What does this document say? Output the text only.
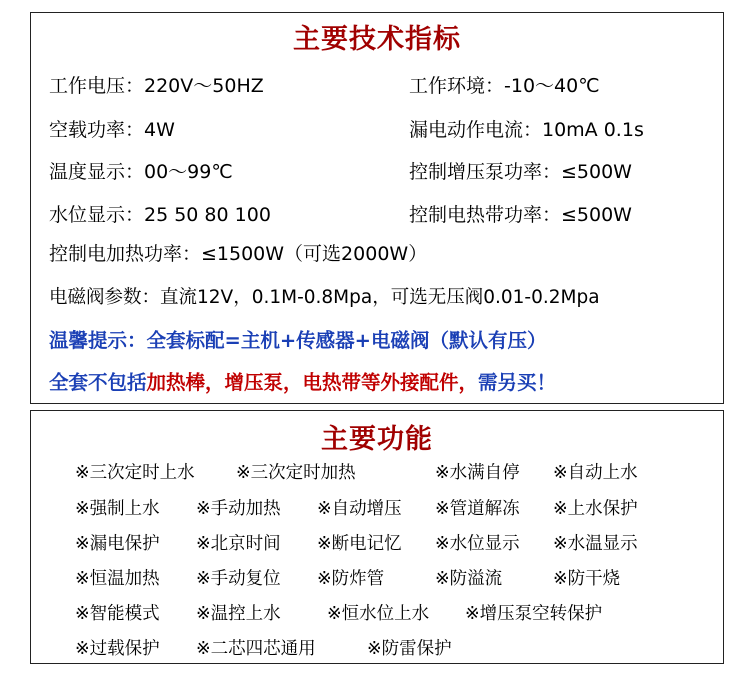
主要技术指标
工作电压：220V～50HZ	工作环境：-10～40℃
空载功率：4W	漏电动作电流：10mA 0.1s
温度显示：00～99℃	控制增压泵功率：≤500W
水位显示：25 50 80 100	控制电热带功率：≤500W
控制电加热功率：≤1500W（可选2000W）
电磁阀参数：直流12V，0.1M-0.8Mpa，可选无压阀0.01-0.2Mpa
温馨提示：全套标配=主机+传感器+电磁阀（默认有压）
全套不包括加热棒，增压泵，电热带等外接配件，需另买！
主要功能
※三次定时上水 ※三次定时加热	※水满自停 ※自动上水
※强制上水 ※手动加热 ※自动增压 ※管道解冻 ※上水保护
※漏电保护 ※北京时间 ※断电记忆 ※水位显示 ※水温显示
※恒温加热 ※手动复位 ※防炸管	※防溢流	※防干烧
※智能模式 ※温控上水	※恒水位上水 ※增压泵空转保护
※过载保护 ※二芯四芯通用	※防雷保护
